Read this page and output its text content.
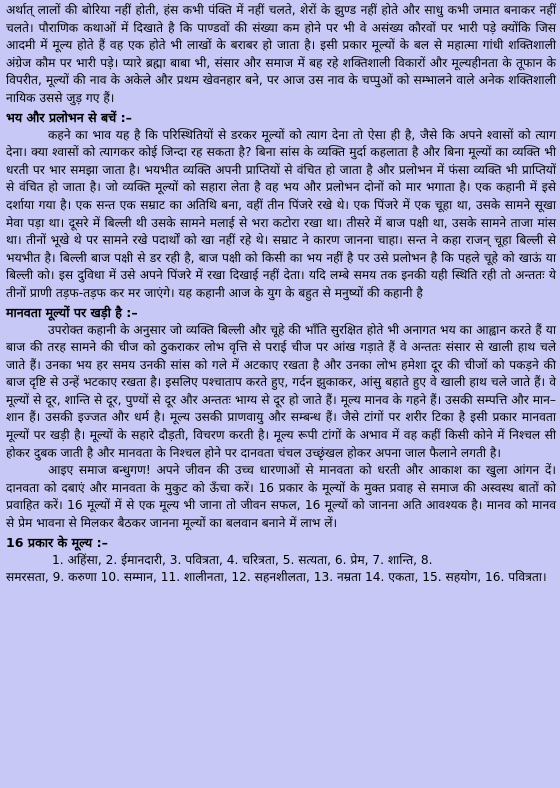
अर्थात् लालों की बोरिया नहीं होती, हंस कभी पंक्ति में नहीं चलते, शेरों के झुण्ड नहीं होते और साधु कभी जमात बनाकर नहीं चलते। पौराणिक कथाओं में दिखाते है कि पाण्डवों की संख्या कम होने पर भी वे असंख्य कौरवों पर भारी पड़े क्योंकि जिस आदमी में मूल्य होते हैं वह एक होते भी लाखों के बराबर हो जाता है। इसी प्रकार मूल्यों के बल से महात्मा गांधी शक्तिशाली अंग्रेज कौम पर भारी पड़े। प्यारे ब्रह्मा बाबा भी, संसार और समाज में बह रहे शक्तिशाली विकारों और मूल्यहीनता के तूफान के विपरीत, मूल्यों की नाव के अकेले और प्रथम खेवनहार बने, पर आज उस नाव के चप्पुओं को सम्भालने वाले अनेक शक्तिशाली नायिक उससे जुड़ गए हैं।

भय और प्रलोभन से बचें :–

कहने का भाव यह है कि परिस्थितियों से डरकर मूल्यों को त्याग देना तो ऐसा ही है, जैसे कि अपने श्वासों को त्याग देना। क्या श्वासों को त्यागकर कोई जिन्दा रह सकता है? बिना सांस के व्यक्ति मुर्दा कहलाता है और बिना मूल्यों का व्यक्ति भी धरती पर भार समझा जाता है। भयभीत व्यक्ति अपनी प्राप्तियों से वंचित हो जाता है और प्रलोभन में फंसा व्यक्ति भी प्राप्तियों से वंचित हो जाता है। जो व्यक्ति मूल्यों को सहारा लेता है वह भय और प्रलोभन दोनों को मार भगाता है। एक कहानी में इसे दर्शाया गया है। एक सन्त एक सम्राट का अतिथि बना, वहीं तीन पिंजरे रखे थे। एक पिंजरे में एक चूहा था, उसके सामने सूखा मेवा पड़ा था। दूसरे में बिल्ली थी उसके सामने मलाई से भरा कटोरा रखा था। तीसरे में बाज पक्षी था, उसके सामने ताजा मांस था। तीनों भूखे थे पर सामने रखे पदार्थों को खा नहीं रहे थे। सम्राट ने कारण जानना चाहा। सन्त ने कहा राजन् चूहा बिल्ली से भयभीत है। बिल्ली बाज पक्षी से डर रही है, बाज पक्षी को किसी का भय नहीं है पर उसे प्रलोभन है कि पहले चूहे को खाऊं या बिल्ली को। इस दुविधा में उसे अपने पिंजरे में रखा दिखाई नहीं देता। यदि लम्बे समय तक इनकी यही स्थिति रही तो अन्ततः ये तीनों प्राणी तड़फ-तड़फ कर मर जाएंगे। यह कहानी आज के युग के बहुत से मनुष्यों की कहानी है

मानवता मूल्यों पर खड़ी है :–

उपरोक्त कहानी के अनुसार जो व्यक्ति बिल्ली और चूहे की भाँति सुरक्षित होते भी अनागत भय का आह्वान करते हैं या बाज की तरह सामने की चीज को ठुकराकर लोभ वृत्ति से पराई चीज पर आंख गड़ाते हैं वे अन्ततः संसार से खाली हाथ चले जाते हैं। उनका भय हर समय उनकी सांस को गले में अटकाए रखता है और उनका लोभ हमेशा दूर की चीजों को पकड़ने की बाज दृष्टि से उन्हें भटकाए रखता है। इसलिए पश्चाताप करते हुए, गर्दन झुकाकर, आंसु बहाते हुए वे खाली हाथ चले जाते हैं। वे मूल्यों से दूर, शान्ति से दूर, पुण्यों से दूर और अन्ततः भाग्य से दूर हो जाते हैं। मूल्य मानव के गहने हैं। उसकी सम्पत्ति और मान–शान हैं। उसकी इज्जत और धर्म है। मूल्य उसकी प्राणवायु और सम्बन्ध हैं। जैसे टांगों पर शरीर टिका है इसी प्रकार मानवता मूल्यों पर खड़ी है। मूल्यों के सहारे दौड़ती, विचरण करती है। मूल्य रूपी टांगों के अभाव में वह कहीं किसी कोने में निश्चल सी होकर दुबक जाती है और मानवता के निश्चल होने पर दानवता चंचल उच्छृंखल होकर अपना जाल फैलाने लगती है।

आइए समाज बन्धुगण! अपने जीवन की उच्च धारणाओं से मानवता को धरती और आकाश का खुला आंगन दें। दानवता को दबाएं और मानवता के मुकुट को ऊँचा करें। 16 प्रकार के मूल्यों के मुक्त प्रवाह से समाज की अस्वस्थ बातों को प्रवाहित करें। 16 मूल्यों में से एक मूल्य भी जाना तो जीवन सफल, 16 मूल्यों को जानना अति आवश्यक है। मानव को मानव से प्रेम भावना से मिलकर बैठकर जानना मूल्यों का बलवान बनाने में लाभ लें।

16 प्रकार के मूल्य :–

1. अहिंसा, 2. ईमानदारी, 3. पवित्रता, 4. चरित्रता, 5. सत्यता, 6. प्रेम, 7. शान्ति, 8.
समरसता, 9. करुणा 10. सम्मान, 11. शालीनता, 12. सहनशीलता, 13. नम्रता 14. एकता, 15. सहयोग, 16. पवित्रता।
